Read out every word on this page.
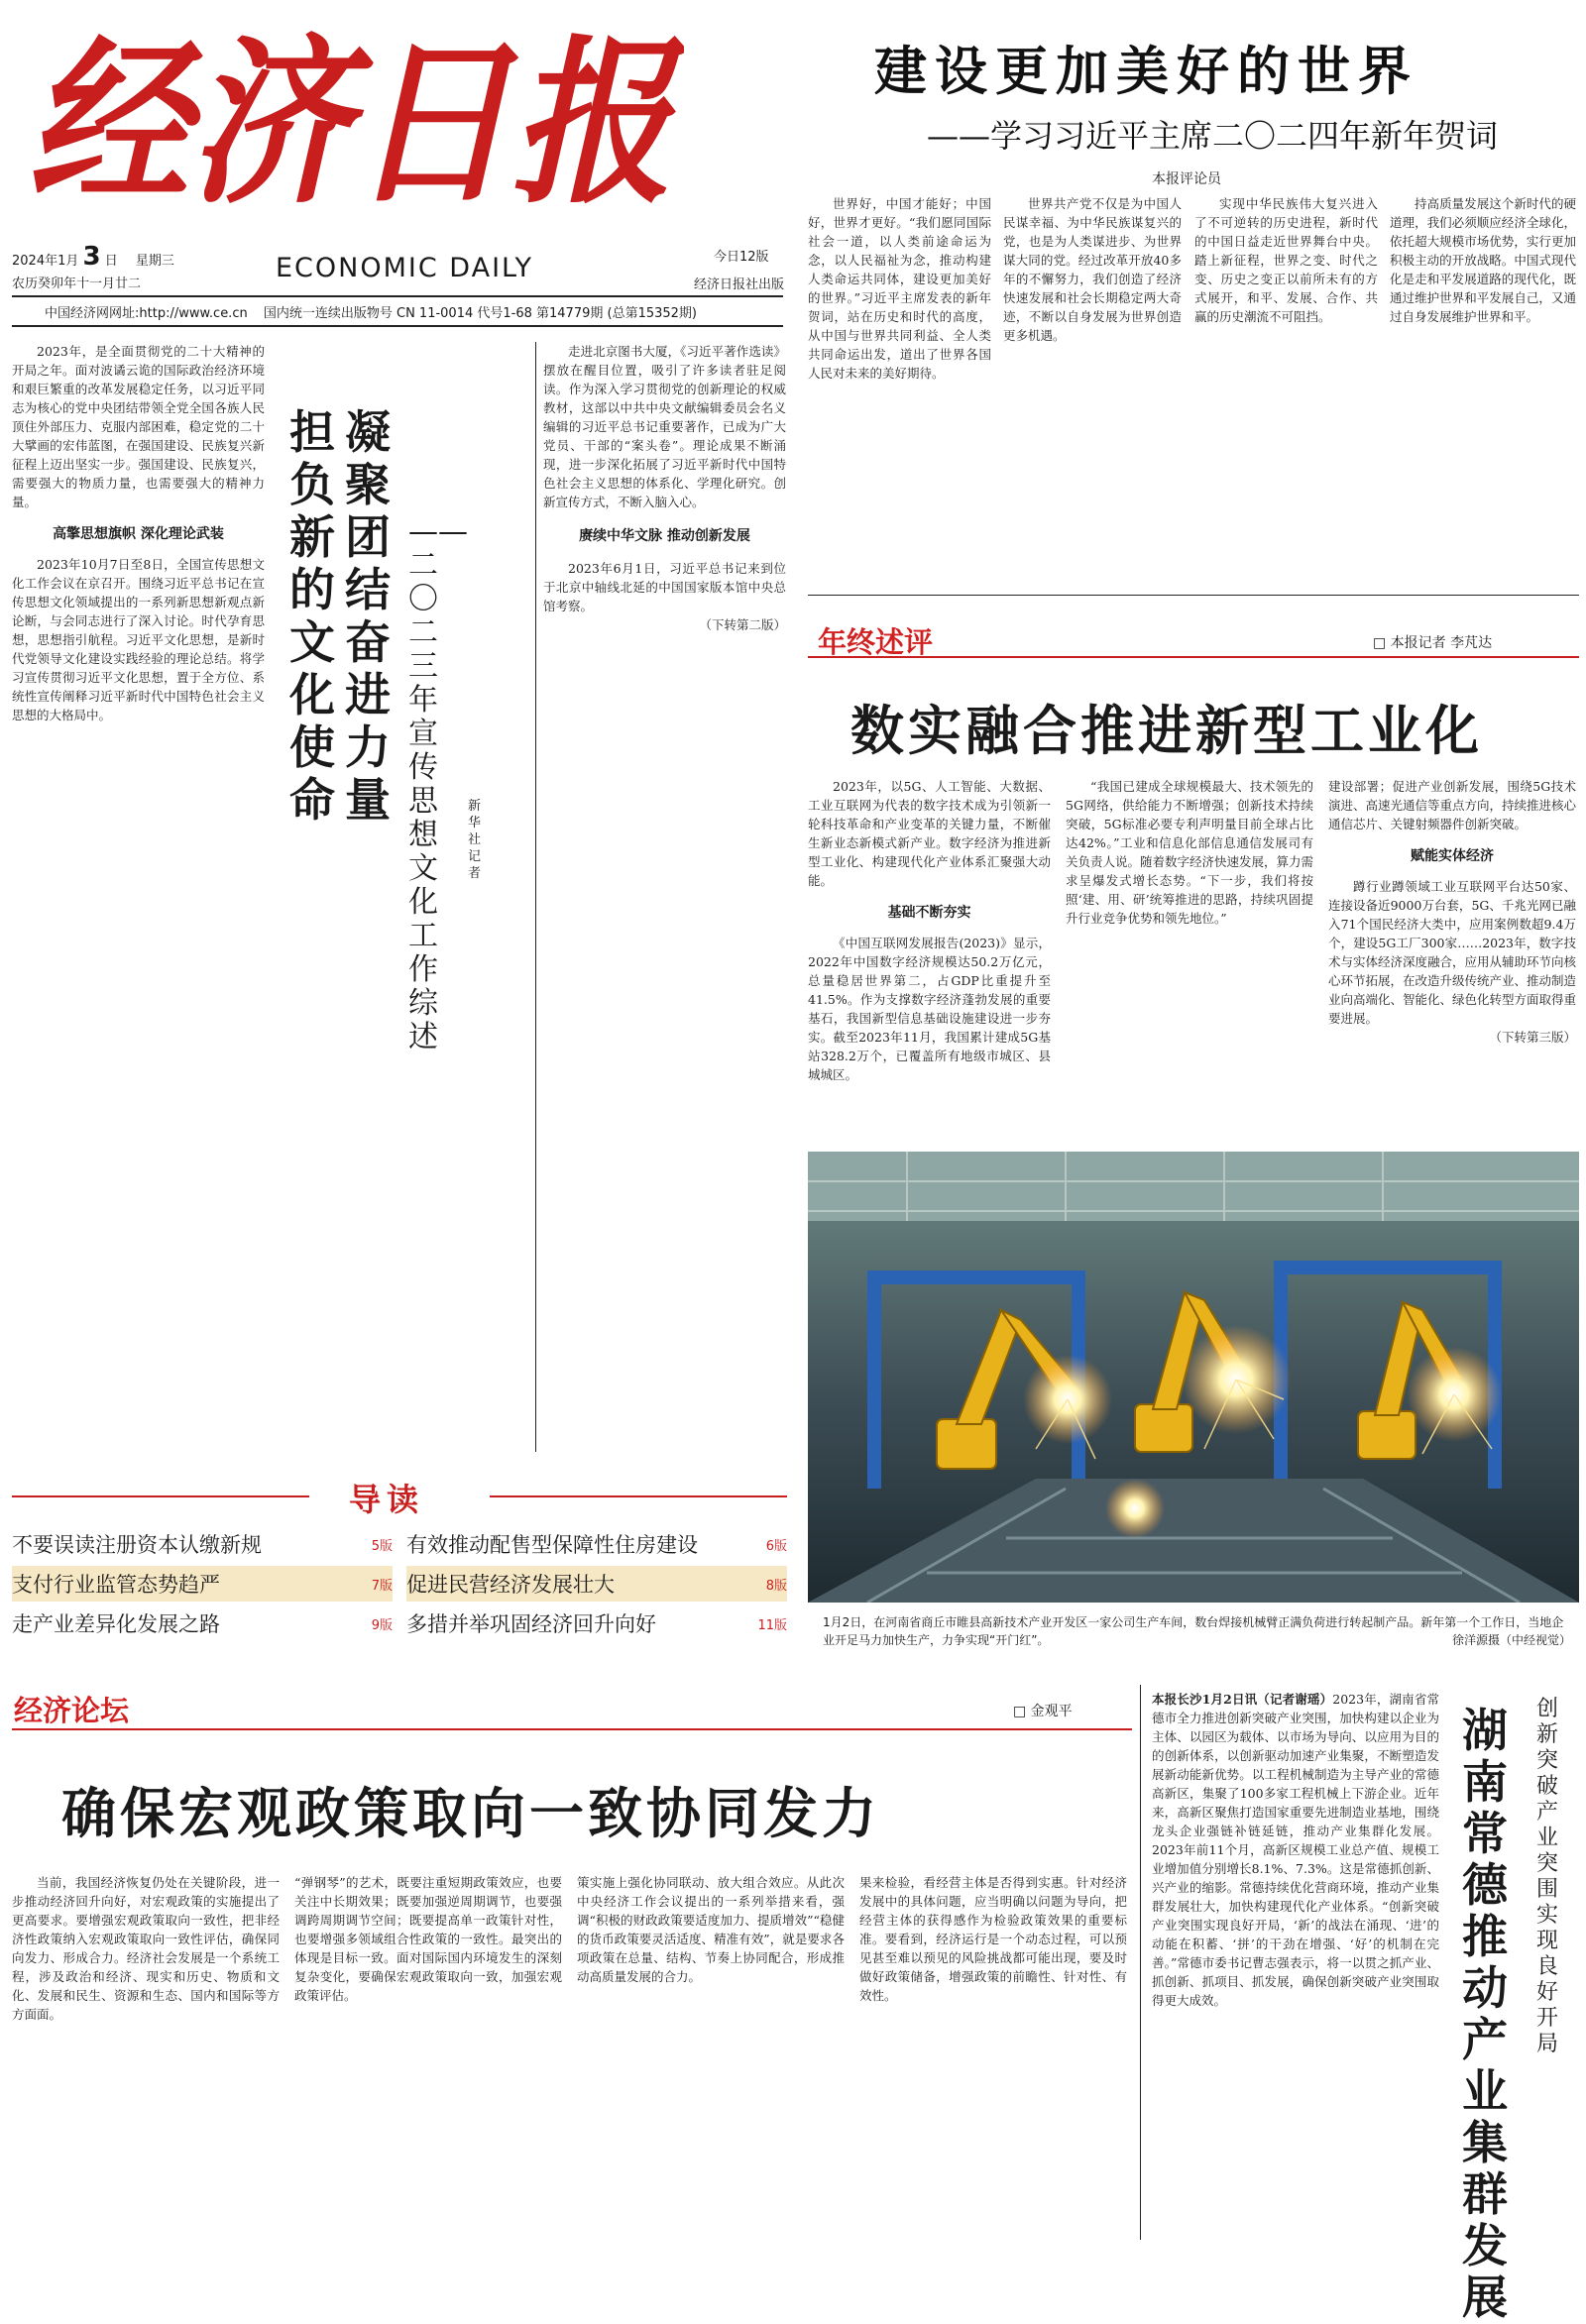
经济日报
2024年1月 3 日 星期三
农历癸卯年十一月廿二
ECONOMIC DAILY	今日12版
经济日报社出版
中国经济网网址:http://www.ce.cn 国内统一连续出版物号 CN 11-0014 代号1-68 第14779期 (总第15352期)
建设更加美好的世界
——学习习近平主席二〇二四年新年贺词
本报评论员
世界好，中国才能好；中国好，世界才更好。“我们愿同国际社会一道，以人类前途命运为念，以人民福祉为念，推动构建人类命运共同体，建设更加美好的世界。”习近平主席发表的新年贺词，站在历史和时代的高度，从中国与世界共同利益、全人类共同命运出发，道出了世界各国人民对未来的美好期待。
世界共产党不仅是为中国人民谋幸福、为中华民族谋复兴的党，也是为人类谋进步、为世界谋大同的党。经过改革开放40多年的不懈努力，我们创造了经济快速发展和社会长期稳定两大奇迹，不断以自身发展为世界创造更多机遇。
实现中华民族伟大复兴进入了不可逆转的历史进程，新时代的中国日益走近世界舞台中央。踏上新征程，世界之变、时代之变、历史之变正以前所未有的方式展开，和平、发展、合作、共赢的历史潮流不可阻挡。
持高质量发展这个新时代的硬道理，我们必须顺应经济全球化，依托超大规模市场优势，实行更加积极主动的开放战略。中国式现代化是走和平发展道路的现代化，既通过维护世界和平发展自己，又通过自身发展维护世界和平。
2023年，是全面贯彻党的二十大精神的开局之年。面对波谲云诡的国际政治经济环境和艰巨繁重的改革发展稳定任务，以习近平同志为核心的党中央团结带领全党全国各族人民顶住外部压力、克服内部困难，稳定党的二十大擘画的宏伟蓝图，在强国建设、民族复兴新征程上迈出坚实一步。强国建设、民族复兴，需要强大的物质力量，也需要强大的精神力量。
高擎思想旗帜 深化理论武装
2023年10月7日至8日，全国宣传思想文化工作会议在京召开。围绕习近平总书记在宣传思想文化领域提出的一系列新思想新观点新论断，与会同志进行了深入讨论。时代孕育思想，思想指引航程。习近平文化思想，是新时代党领导文化建设实践经验的理论总结。将学习宣传贯彻习近平文化思想，置于全方位、系统性宣传阐释习近平新时代中国特色社会主义思想的大格局中。
担负新的文化使命
凝聚团结奋进力量
——二〇二三年宣传思想文化工作综述
新华社记者
走进北京图书大厦，《习近平著作选读》摆放在醒目位置，吸引了许多读者驻足阅读。作为深入学习贯彻党的创新理论的权威教材，这部以中共中央文献编辑委员会名义编辑的习近平总书记重要著作，已成为广大党员、干部的“案头卷”。理论成果不断涌现，进一步深化拓展了习近平新时代中国特色社会主义思想的体系化、学理化研究。创新宣传方式，不断入脑入心。
赓续中华文脉 推动创新发展
2023年6月1日，习近平总书记来到位于北京中轴线北延的中国国家版本馆中央总馆考察。
（下转第二版）
导读
不要误读注册资本认缴新规	5版 有效推动配售型保障性住房建设	6版
支付行业监管态势趋严	7版 促进民营经济发展壮大	8版
走产业差异化发展之路	9版 多措并举巩固经济回升向好	11版
年终述评	□ 本报记者 李芃达
数实融合推进新型工业化
2023年，以5G、人工智能、大数据、工业互联网为代表的数字技术成为引领新一轮科技革命和产业变革的关键力量，不断催生新业态新模式新产业。数字经济为推进新型工业化、构建现代化产业体系汇聚强大动能。
基础不断夯实
《中国互联网发展报告(2023)》显示，2022年中国数字经济规模达50.2万亿元，总量稳居世界第二，占GDP比重提升至41.5%。作为支撑数字经济蓬勃发展的重要基石，我国新型信息基础设施建设进一步夯实。截至2023年11月，我国累计建成5G基站328.2万个，已覆盖所有地级市城区、县城城区。
“我国已建成全球规模最大、技术领先的5G网络，供给能力不断增强；创新技术持续突破，5G标准必要专利声明量目前全球占比达42%。”工业和信息化部信息通信发展司有关负责人说。随着数字经济快速发展，算力需求呈爆发式增长态势。“下一步，我们将按照‘建、用、研’统筹推进的思路，持续巩固提升行业竞争优势和领先地位。”
建设部署；促进产业创新发展，围绕5G技术演进、高速光通信等重点方向，持续推进核心通信芯片、关键射频器件创新突破。
赋能实体经济
蹲行业蹲领域工业互联网平台达50家、连接设备近9000万台套，5G、千兆光网已融入71个国民经济大类中，应用案例数超9.4万个，建设5G工厂300家……2023年，数字技术与实体经济深度融合，应用从辅助环节向核心环节拓展，在改造升级传统产业、推动制造业向高端化、智能化、绿色化转型方面取得重要进展。
（下转第三版）
1月2日，在河南省商丘市睢县高新技术产业开发区一家公司生产车间，数台焊接机械臂正满负荷进行转起制产品。新年第一个工作日，当地企业开足马力加快生产，力争实现“开门红”。	徐洋源摄（中经视觉）
经济论坛	□ 金观平
确保宏观政策取向一致协同发力
当前，我国经济恢复仍处在关键阶段，进一步推动经济回升向好，对宏观政策的实施提出了更高要求。要增强宏观政策取向一致性，把非经济性政策纳入宏观政策取向一致性评估，确保同向发力、形成合力。经济社会发展是一个系统工程，涉及政治和经济、现实和历史、物质和文化、发展和民生、资源和生态、国内和国际等方方面面。
“弹钢琴”的艺术，既要注重短期政策效应，也要关注中长期效果；既要加强逆周期调节，也要强调跨周期调节空间；既要提高单一政策针对性，也要增强多领域组合性政策的一致性。最突出的体现是目标一致。面对国际国内环境发生的深刻复杂变化，要确保宏观政策取向一致，加强宏观政策评估。
策实施上强化协同联动、放大组合效应。从此次中央经济工作会议提出的一系列举措来看，强调“积极的财政政策要适度加力、提质增效”“稳健的货币政策要灵活适度、精准有效”，就是要求各项政策在总量、结构、节奏上协同配合，形成推动高质量发展的合力。
果来检验，看经营主体是否得到实惠。针对经济发展中的具体问题，应当明确以问题为导向，把经营主体的获得感作为检验政策效果的重要标准。要看到，经济运行是一个动态过程，可以预见甚至难以预见的风险挑战都可能出现，要及时做好政策储备，增强政策的前瞻性、针对性、有效性。
本报长沙1月2日讯（记者谢瑶）2023年，湖南省常德市全力推进创新突破产业突围，加快构建以企业为主体、以园区为载体、以市场为导向、以应用为目的的创新体系，以创新驱动加速产业集聚，不断塑造发展新动能新优势。以工程机械制造为主导产业的常德高新区，集聚了100多家工程机械上下游企业。近年来，高新区聚焦打造国家重要先进制造业基地，围绕龙头企业强链补链延链，推动产业集群化发展。2023年前11个月，高新区规模工业总产值、规模工业增加值分别增长8.1%、7.3%。这是常德抓创新、兴产业的缩影。常德持续优化营商环境，推动产业集群发展壮大，加快构建现代化产业体系。“创新突破产业突围实现良好开局，‘新’的战法在涌现、‘进’的动能在积蓄、‘拼’的干劲在增强、‘好’的机制在完善。”常德市委书记曹志强表示，将一以贯之抓产业、抓创新、抓项目、抓发展，确保创新突破产业突围取得更大成效。
湖南常德推动产业集群发展
创新突破产业突围实现良好开局
